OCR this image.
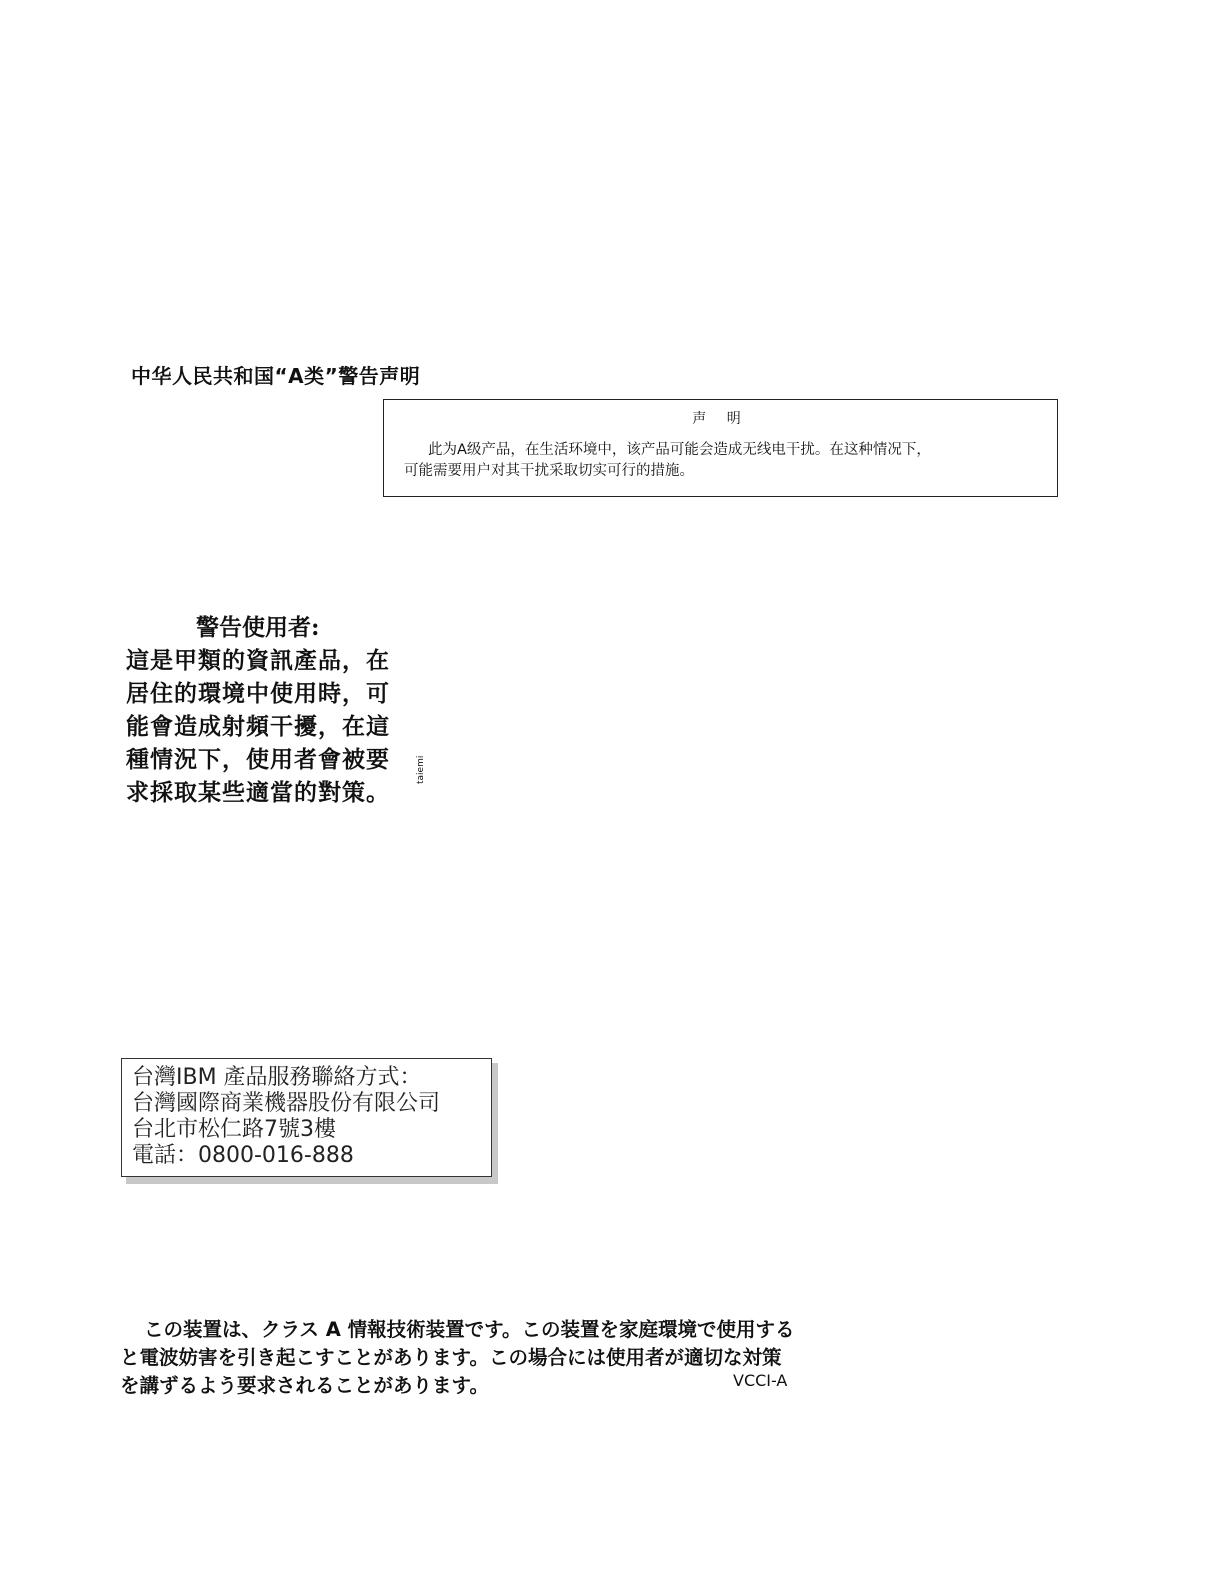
中华人民共和国“A类”警告声明
声 明
此为A级产品，在生活环境中，该产品可能会造成无线电干扰。在这种情况下，
可能需要用户对其干扰采取切实可行的措施。
警告使用者:
這是甲類的資訊產品，在
居住的環境中使用時，可
能會造成射頻干擾，在這
種情況下，使用者會被要
求採取某些適當的對策。
taiemi
台灣IBM 產品服務聯絡方式：
台灣國際商業機器股份有限公司
台北市松仁路7號3樓
電話：0800-016-888
この装置は、クラス A 情報技術装置です。この装置を家庭環境で使用する
と電波妨害を引き起こすことがあります。この場合には使用者が適切な対策
を講ずるよう要求されることがあります。	VCCI-A
